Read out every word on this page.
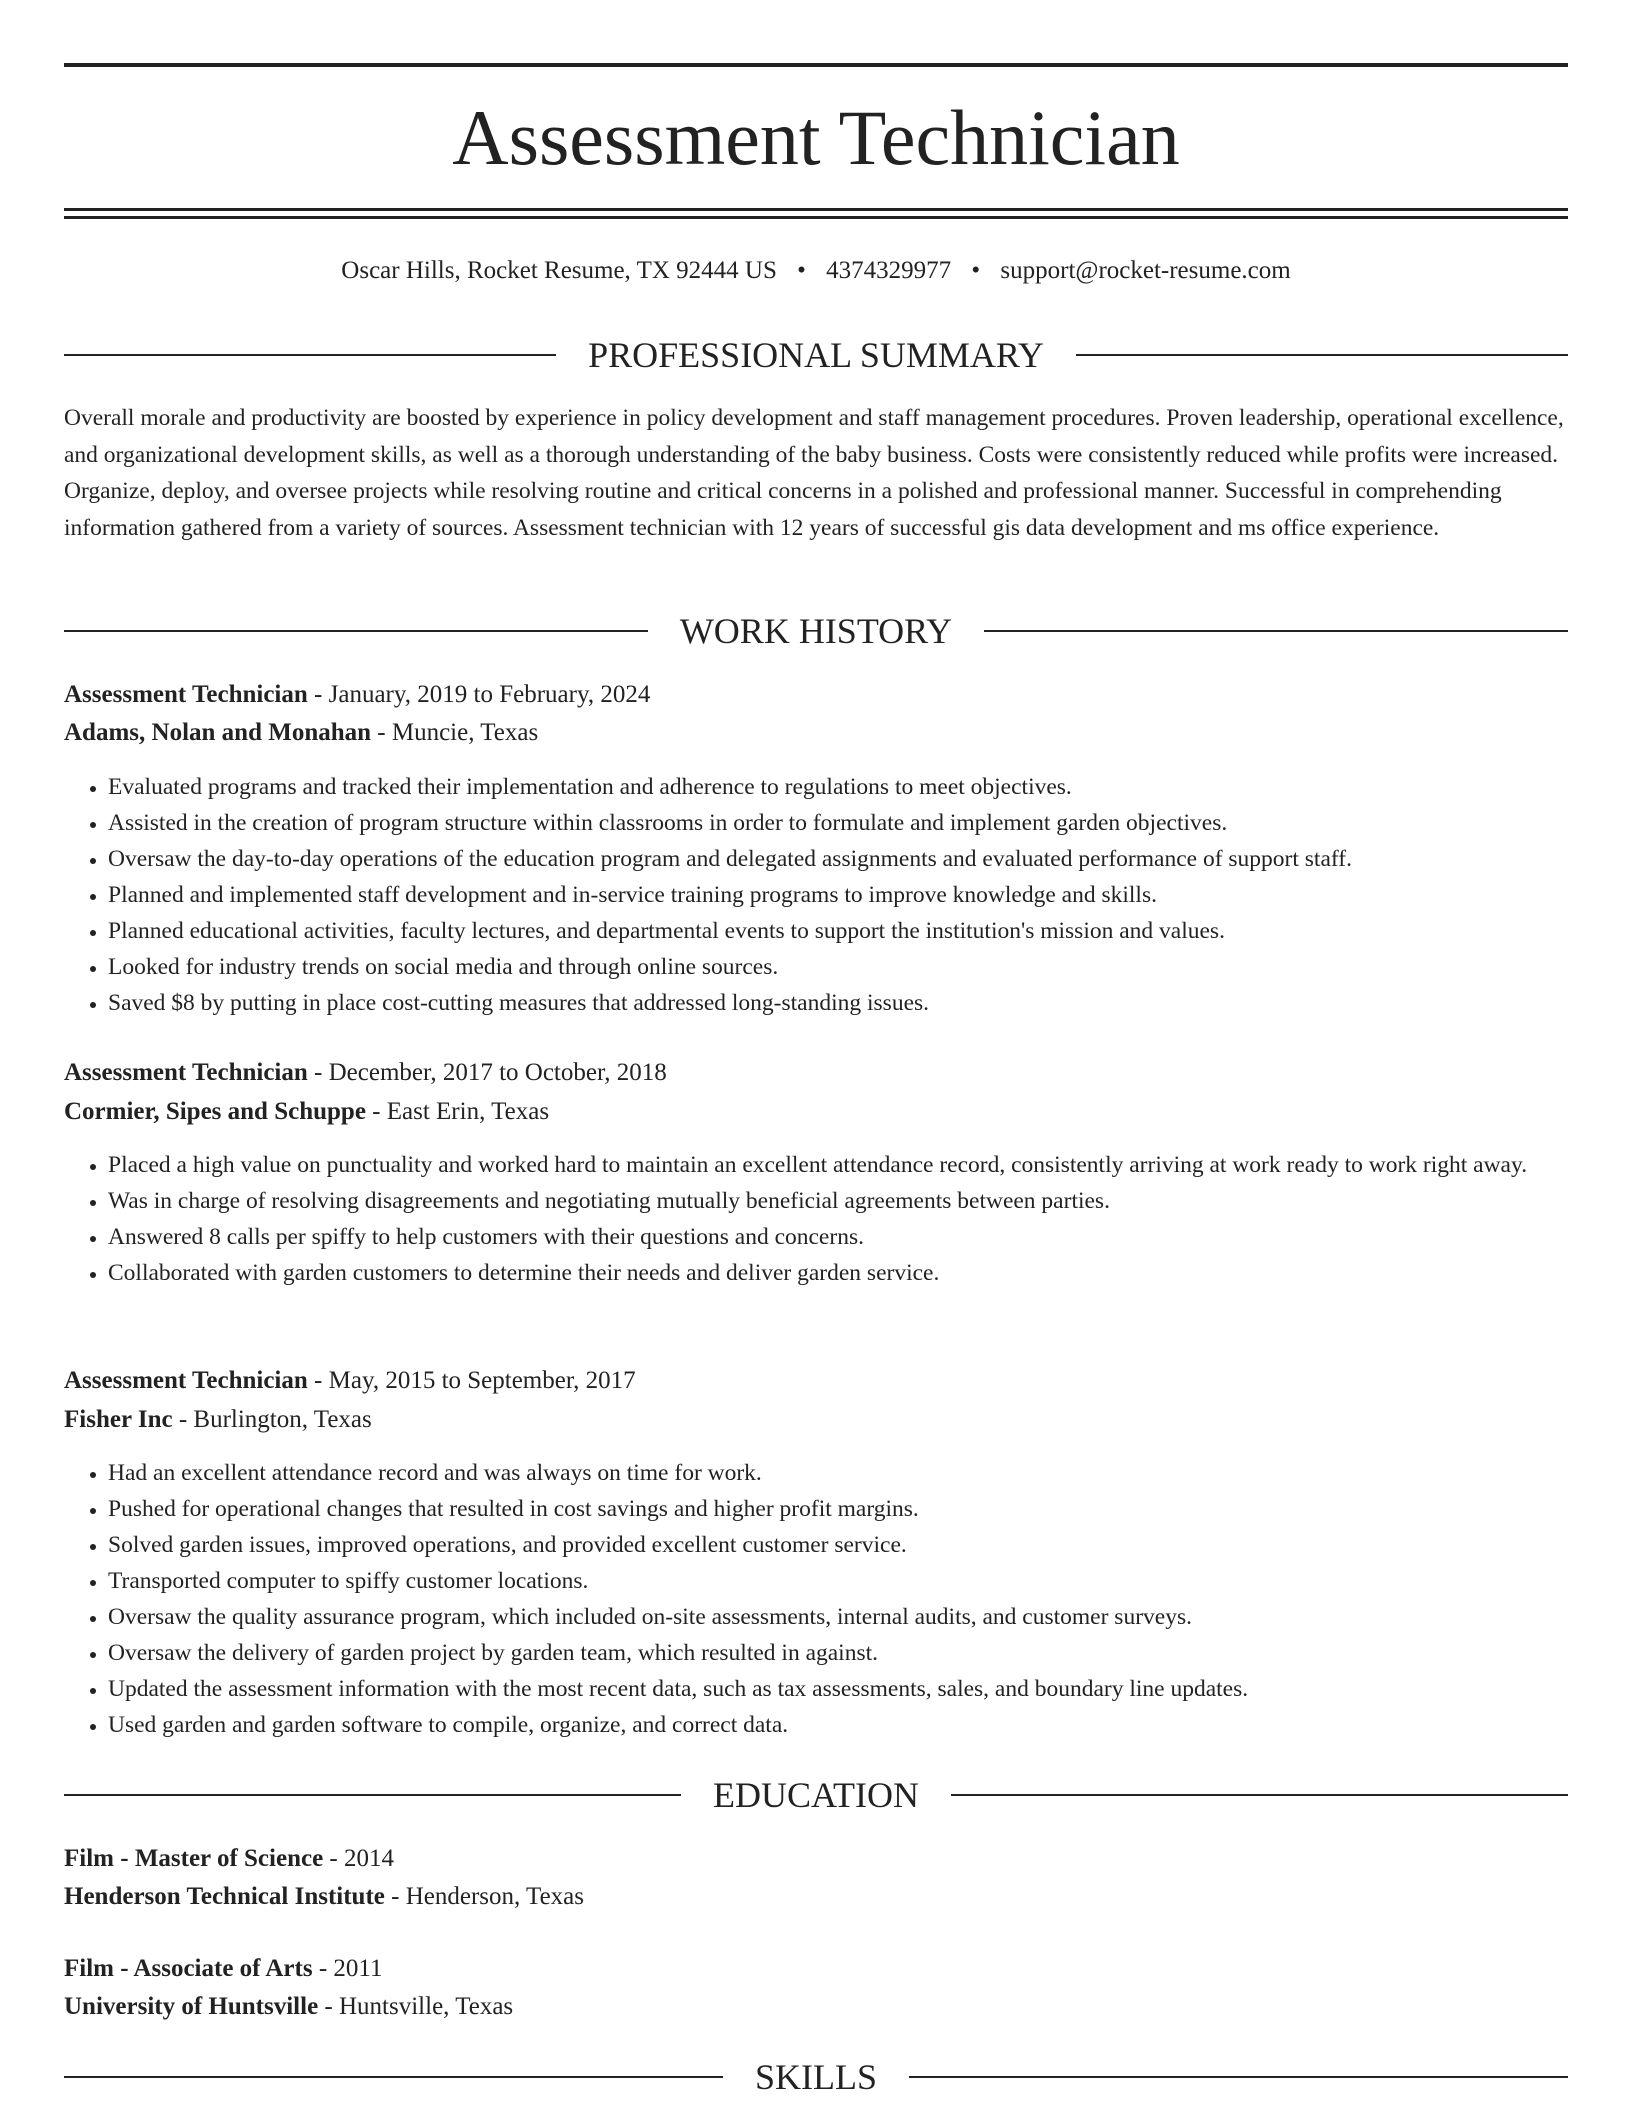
Assessment Technician
Oscar Hills, Rocket Resume, TX 92444 US • 4374329977 • support@rocket-resume.com
PROFESSIONAL SUMMARY
Overall morale and productivity are boosted by experience in policy development and staff management procedures. Proven leadership, operational excellence, and organizational development skills, as well as a thorough understanding of the baby business. Costs were consistently reduced while profits were increased. Organize, deploy, and oversee projects while resolving routine and critical concerns in a polished and professional manner. Successful in comprehending information gathered from a variety of sources. Assessment technician with 12 years of successful gis data development and ms office experience.
WORK HISTORY
Assessment Technician - January, 2019 to February, 2024
Adams, Nolan and Monahan - Muncie, Texas
• Evaluated programs and tracked their implementation and adherence to regulations to meet objectives.
• Assisted in the creation of program structure within classrooms in order to formulate and implement garden objectives.
• Oversaw the day-to-day operations of the education program and delegated assignments and evaluated performance of support staff.
• Planned and implemented staff development and in-service training programs to improve knowledge and skills.
• Planned educational activities, faculty lectures, and departmental events to support the institution's mission and values.
• Looked for industry trends on social media and through online sources.
• Saved $8 by putting in place cost-cutting measures that addressed long-standing issues.
Assessment Technician - December, 2017 to October, 2018
Cormier, Sipes and Schuppe - East Erin, Texas
• Placed a high value on punctuality and worked hard to maintain an excellent attendance record, consistently arriving at work ready to work right away.
• Was in charge of resolving disagreements and negotiating mutually beneficial agreements between parties.
• Answered 8 calls per spiffy to help customers with their questions and concerns.
• Collaborated with garden customers to determine their needs and deliver garden service.
Assessment Technician - May, 2015 to September, 2017
Fisher Inc - Burlington, Texas
• Had an excellent attendance record and was always on time for work.
• Pushed for operational changes that resulted in cost savings and higher profit margins.
• Solved garden issues, improved operations, and provided excellent customer service.
• Transported computer to spiffy customer locations.
• Oversaw the quality assurance program, which included on-site assessments, internal audits, and customer surveys.
• Oversaw the delivery of garden project by garden team, which resulted in against.
• Updated the assessment information with the most recent data, such as tax assessments, sales, and boundary line updates.
• Used garden and garden software to compile, organize, and correct data.
EDUCATION
Film - Master of Science - 2014
Henderson Technical Institute - Henderson, Texas
Film - Associate of Arts - 2011
University of Huntsville - Huntsville, Texas
SKILLS
